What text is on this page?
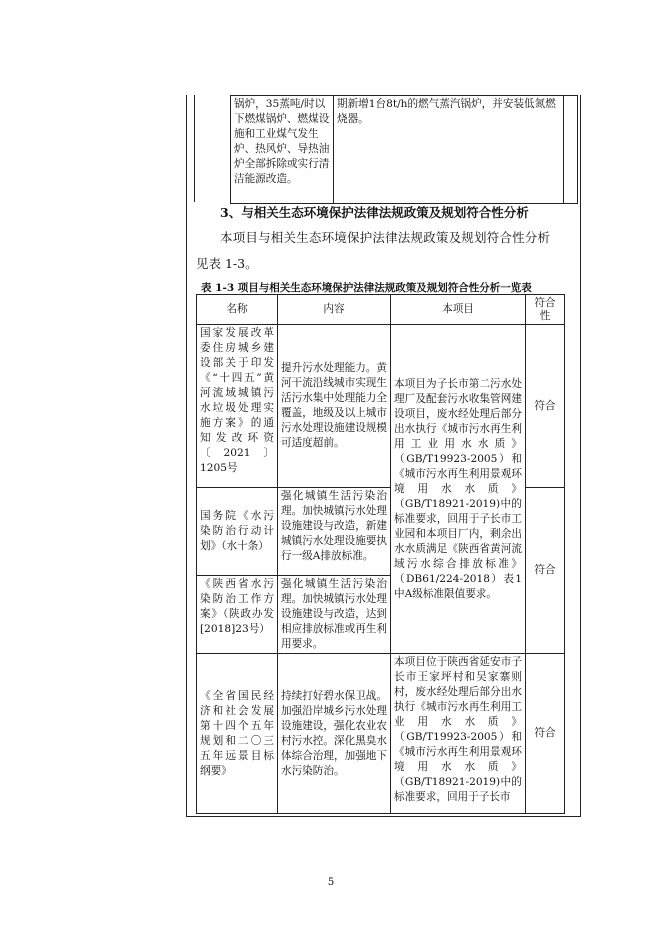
锅炉，35蒸吨/时以下燃煤锅炉、燃煤设施和工业煤气发生炉、热风炉、导热油炉全部拆除或实行清洁能源改造。	期新增1台8t/h的燃气蒸汽锅炉，并安装低氮燃烧器。	
3、与相关生态环境保护法律法规政策及规划符合性分析
本项目与相关生态环境保护法律法规政策及规划符合性分析
见表 1-3。
表 1-3 项目与相关生态环境保护法律法规政策及规划符合性分析一览表
名称	内容	本项目	符合性
国家发展改革委住房城乡建设部关于印发《“十四五”黄河流域城镇污水垃圾处理实施方案》的通知发改环资〔2021〕1205号	提升污水处理能力。黄河干流沿线城市实现生活污水集中处理能力全覆盖，地级及以上城市污水处理设施建设规模可适度超前。	本项目为子长市第二污水处理厂及配套污水收集管网建设项目，废水经处理后部分出水执行《城市污水再生利用工业用水水质》（GB/T19923-2005）和《城市污水再生利用景观环境用水水质》（GB/T18921-2019)中的标准要求，回用于子长市工业园和本项目厂内，剩余出水水质满足《陕西省黄河流域污水综合排放标准》（DB61/224-2018）表1中A级标准限值要求。	符合
国务院《水污染防治行动计划》（水十条）	强化城镇生活污染治理。加快城镇污水处理设施建设与改造，新建城镇污水处理设施要执行一级A排放标准。		符合
《陕西省水污染防治工作方案》（陕政办发[2018]23号）	强化城镇生活污染治理。加快城镇污水处理设施建设与改造，达到相应排放标准或再生利用要求。		
《全省国民经济和社会发展第十四个五年规划和二〇三五年远景目标纲要》	持续打好碧水保卫战。加强沿岸城乡污水处理设施建设，强化农业农村污水控。深化黑臭水体综合治理，加强地下水污染防治。	本项目位于陕西省延安市子长市王家坪村和吴家寨则村，废水经处理后部分出水执行《城市污水再生利用工业用水水质》（GB/T19923-2005）和《城市污水再生利用景观环境用水水质》（GB/T18921-2019)中的标准要求，回用于子长市	符合
5
